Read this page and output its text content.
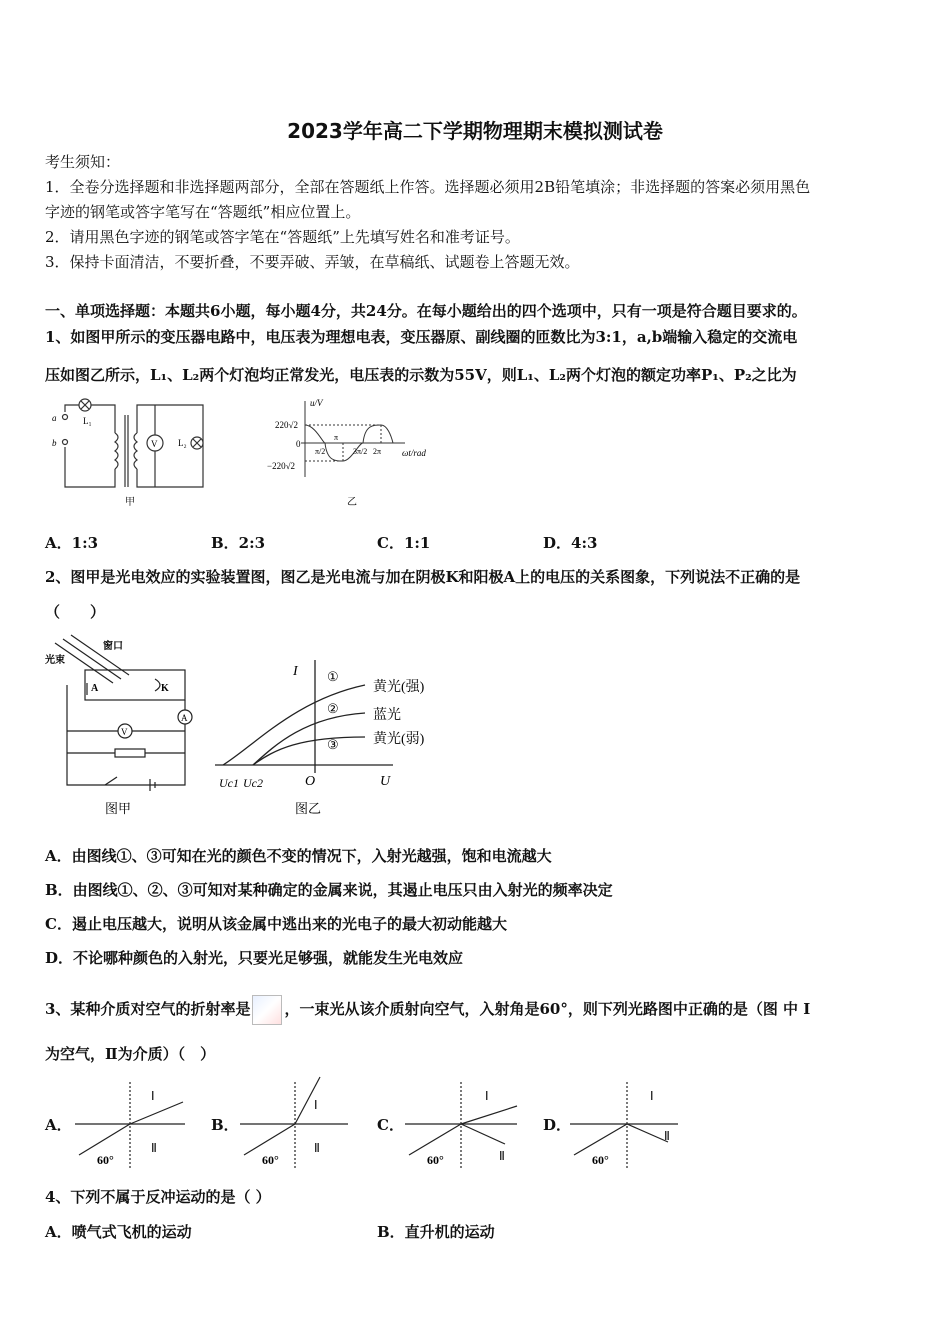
2023学年高二下学期物理期末模拟测试卷
考生须知：
1．全卷分选择题和非选择题两部分，全部在答题纸上作答。选择题必须用2B铅笔填涂；非选择题的答案必须用黑色
字迹的钢笔或答字笔写在“答题纸”相应位置上。
2．请用黑色字迹的钢笔或答字笔在“答题纸”上先填写姓名和准考证号。
3．保持卡面清洁，不要折叠，不要弄破、弄皱，在草稿纸、试题卷上答题无效。
一、单项选择题：本题共6小题，每小题4分，共24分。在每小题给出的四个选项中，只有一项是符合题目要求的。
1、如图甲所示的变压器电路中，电压表为理想电表，变压器原、副线圈的匝数比为3:1，a,b端输入稳定的交流电
压如图乙所示，L₁、L₂两个灯泡均正常发光，电压表的示数为55V，则L₁、L₂两个灯泡的额定功率P₁、P₂之比为
L₁
a
b	V L₂
甲
u/V
ωt/rad
220√2
0
−220√2
π/2
π
3π/2 2π
乙
A．1:3	B．2:3	C．1:1	D．4:3
2、图甲是光电效应的实验装置图，图乙是光电流与加在阴极K和阳极A上的电压的关系图象，下列说法不正确的是
（　　）
光束
窗口
A	K
A
V
图甲
I
U
O
Uc1 Uc2
①
②
③
黄光(强)
蓝光
黄光(弱)
图乙
A．由图线①、③可知在光的颜色不变的情况下，入射光越强，饱和电流越大
B．由图线①、②、③可知对某种确定的金属来说，其遏止电压只由入射光的频率决定
C．遏止电压越大，说明从该金属中逃出来的光电子的最大初动能越大
D．不论哪种颜色的入射光，只要光足够强，就能发生光电效应
3、某种介质对空气的折射率是 ，一束光从该介质射向空气，入射角是60°，则下列光路图中正确的是（图 中 I
为空气，Ⅱ为介质）（　）
A．
Ⅰ
Ⅱ
60°
B．
Ⅰ
Ⅱ
60°
C．
Ⅰ
Ⅱ
60°
D．
Ⅰ
Ⅱ
60°
4、下列不属于反冲运动的是（ ）
A．喷气式飞机的运动	B．直升机的运动
